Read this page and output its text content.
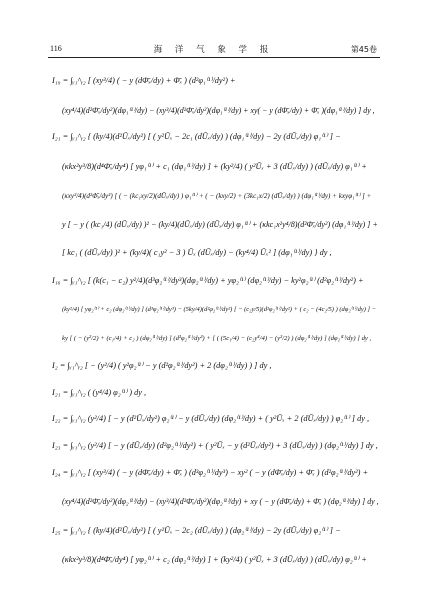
116	海 洋 气 象 学 报	第45卷
I₁₉ = ∫ᵧ₁^ᵧ₂ [ (xy³/4) ( − y (dΦ̄ₓ/dy) + Φ̄ₓ ) (d²φ₁⁽¹⁾/dy²) +
(xy⁴/4)(d²Φ̄ₓ/dy²)(dφ₁⁽¹⁾/dy) − (xy³/4)(d²Φ̄ₓ/dy²)(dφ₁⁽¹⁾/dy) + xy( − y (dΦ̄ₓ/dy) + Φ̄ₓ )(dφ₁⁽¹⁾/dy) ] dy ,
I₂₁ = ∫ᵧ₁^ᵧ₂ { (ky/4)(d²Ūₓ/dy²) [ ( y²Ūₓ − 2c₁ (dŪₓ/dy) ) (dφ₁⁽¹⁾/dy) − 2y (dŪₓ/dy) φ₁⁽¹⁾ ] −
(κkx²y³/8)(d⁴Φ̄ₓ/dy⁴) [ yφ₁⁽¹⁾ + c₁ (dφ₁⁽¹⁾/dy) ] + (ky²/4) ( y²Ūₓ + 3 (dŪₓ/dy) ) (dŪₓ/dy) φ₁⁽¹⁾ +
(κxy²/4)(d²Φ̄ₓ/dy²) [ ( − (kc₁xy/2)(dŪₓ/dy) ) φ₁⁽¹⁾ + ( − (kxy/2) + (3kc₁x/2) (dŪₓ/dy) ) (dφ₁⁽¹⁾/dy) + kxyφ₁⁽¹⁾ ] +
y [ − y ( (kc₁/4) (dŪₓ/dy) )² − (ky/4)(dŪₓ/dy) (dŪₓ/dy) φ₁⁽¹⁾ + (κkc₁x²y⁴/8)(d²Φ̄ₓ/dy²) (dφ₁⁽¹⁾/dy) ] +
[ kc₁ ( (dŪₓ/dy) )² + (ky/4)( c₁y² − 3 ) Ūₓ (dŪₓ/dy) − (ky⁴/4) Ūₓ² ] (dφ₁⁽¹⁾/dy) } dy ,
I₁₆ = ∫ᵧ₁^ᵧ₂ [ (k(c₁ − c₂) y²/4)(d³φ₂⁽¹⁾/dy³)(dφ₂⁽¹⁾/dy) + yφ₂⁽¹⁾ (dφ₂⁽¹⁾/dy) − ky²φ₂⁽¹⁾ (d²φ₂⁽¹⁾/dy²) +
(ky²/4) [ yφ₂⁽¹⁾ + c₂ (dφ₂⁽¹⁾/dy) ] (d³φ₂⁽¹⁾/dy³) − (5ky/4)(d²φ₂⁽¹⁾/dy²) [ − (c₂y/5)(d²φ₂⁽¹⁾/dy²) + ( c₂ − (4c₂/5) ) (dφ₂⁽¹⁾/dy) ] −
ky [ ( − (y²/2) + (c₁/4) + c₂ ) (dφ₂⁽¹⁾/dy) ] (d³φ₂⁽¹⁾/dy³) + [ ( (5c₁/4) − (c₂y⁴/4) − (y²/2) ) (dφ₂⁽¹⁾/dy) ] (dφ₂⁽¹⁾/dy) ] dy ,
I₂ = ∫ᵧ₁^ᵧ₂ [ − (y²/4) ( y²φ₂⁽¹⁾ − y (d²φ₂⁽¹⁾/dy²) + 2 (dφ₂⁽¹⁾/dy) ) ] dy ,
I₂₁ = ∫ᵧ₁^ᵧ₂ ( (y⁴/4) φ₂⁽¹⁾ ) dy ,
I₂₂ = ∫ᵧ₁^ᵧ₂ (y²/4) [ − y (d²Ūₓ/dy²) φ₂⁽¹⁾ − y (dŪₓ/dy) (dφ₂⁽¹⁾/dy) + ( y²Ūₓ + 2 (dŪₓ/dy) ) φ₂⁽¹⁾ ] dy ,
I₂₃ = ∫ᵧ₁^ᵧ₂ (y²/4) [ − y (dŪₓ/dy) (d²φ₂⁽¹⁾/dy²) + ( y²Ūₓ − y (d²Ūₓ/dy²) + 3 (dŪₓ/dy) ) (dφ₂⁽¹⁾/dy) ] dy ,
I₂₄ = ∫ᵧ₁^ᵧ₂ [ (xy³/4) ( − y (dΦ̄ₓ/dy) + Φ̄ₓ ) (d³φ₂⁽¹⁾/dy³) − xy² ( − y (dΦ̄ₓ/dy) + Φ̄ₓ ) (d²φ₂⁽¹⁾/dy²) +
(xy⁴/4)(d²Φ̄ₓ/dy²)(dφ₂⁽¹⁾/dy) − (xy³/4)(d²Φ̄ₓ/dy²)(dφ₂⁽¹⁾/dy) + xy ( − y (dΦ̄ₓ/dy) + Φ̄ₓ ) (dφ₂⁽¹⁾/dy) ] dy ,
I₂₅ = ∫ᵧ₁^ᵧ₂ { (ky/4)(d²Ūₓ/dy²) [ ( y²Ūₓ − 2c₂ (dŪₓ/dy) ) (dφ₂⁽¹⁾/dy) − 2y (dŪₓ/dy) φ₂⁽¹⁾ ] −
(κkx²y³/8)(d⁴Φ̄ₓ/dy⁴) [ yφ₂⁽¹⁾ + c₂ (dφ₂⁽¹⁾/dy) ] + (ky²/4) ( y²Ūₓ + 3 (dŪₓ/dy) ) (dŪₓ/dy) φ₂⁽¹⁾ +
